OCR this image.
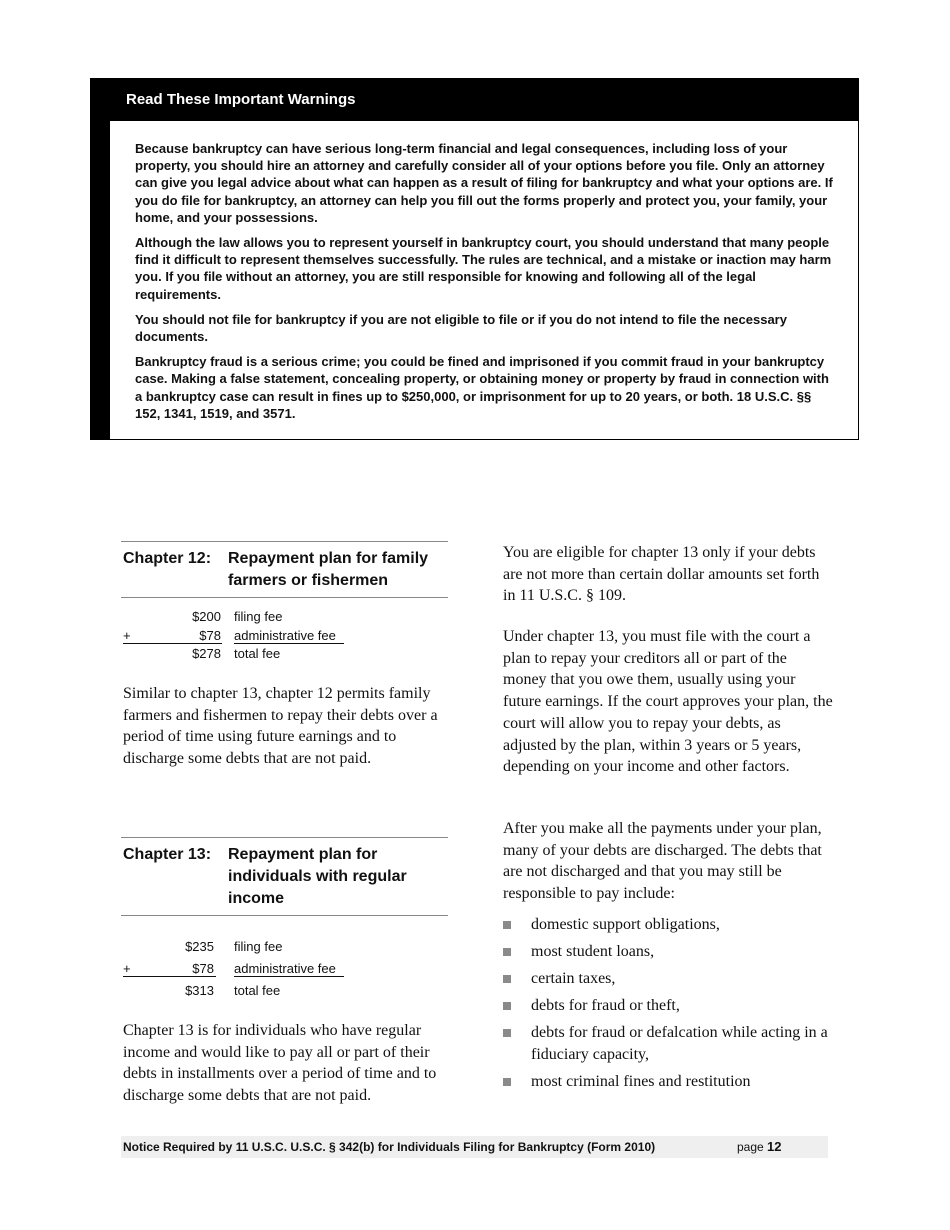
Read These Important Warnings

Because bankruptcy can have serious long-term financial and legal consequences, including loss of your property, you should hire an attorney and carefully consider all of your options before you file. Only an attorney can give you legal advice about what can happen as a result of filing for bankruptcy and what your options are. If you do file for bankruptcy, an attorney can help you fill out the forms properly and protect you, your family, your home, and your possessions.

Although the law allows you to represent yourself in bankruptcy court, you should understand that many people find it difficult to represent themselves successfully. The rules are technical, and a mistake or inaction may harm you. If you file without an attorney, you are still responsible for knowing and following all of the legal requirements.

You should not file for bankruptcy if you are not eligible to file or if you do not intend to file the necessary documents.

Bankruptcy fraud is a serious crime; you could be fined and imprisoned if you commit fraud in your bankruptcy case. Making a false statement, concealing property, or obtaining money or property by fraud in connection with a bankruptcy case can result in fines up to $250,000, or imprisonment for up to 20 years, or both. 18 U.S.C. §§ 152, 1341, 1519, and 3571.

Chapter 12: Repayment plan for family farmers or fishermen
$200 filing fee
+	$78 administrative fee
$278 total fee

Similar to chapter 13, chapter 12 permits family farmers and fishermen to repay their debts over a period of time using future earnings and to discharge some debts that are not paid.

Chapter 13: Repayment plan for individuals with regular income
$235 filing fee
+	$78 administrative fee
$313 total fee

Chapter 13 is for individuals who have regular income and would like to pay all or part of their debts in installments over a period of time and to discharge some debts that are not paid.

You are eligible for chapter 13 only if your debts are not more than certain dollar amounts set forth in 11 U.S.C. § 109.

Under chapter 13, you must file with the court a plan to repay your creditors all or part of the money that you owe them, usually using your future earnings. If the court approves your plan, the court will allow you to repay your debts, as adjusted by the plan, within 3 years or 5 years, depending on your income and other factors.

After you make all the payments under your plan, many of your debts are discharged. The debts that are not discharged and that you may still be responsible to pay include:

domestic support obligations,
most student loans,
certain taxes,
debts for fraud or theft,
debts for fraud or defalcation while acting in a fiduciary capacity,
most criminal fines and restitution
Notice Required by 11 U.S.C. U.S.C. § 342(b) for Individuals Filing for Bankruptcy (Form 2010)	page 12
